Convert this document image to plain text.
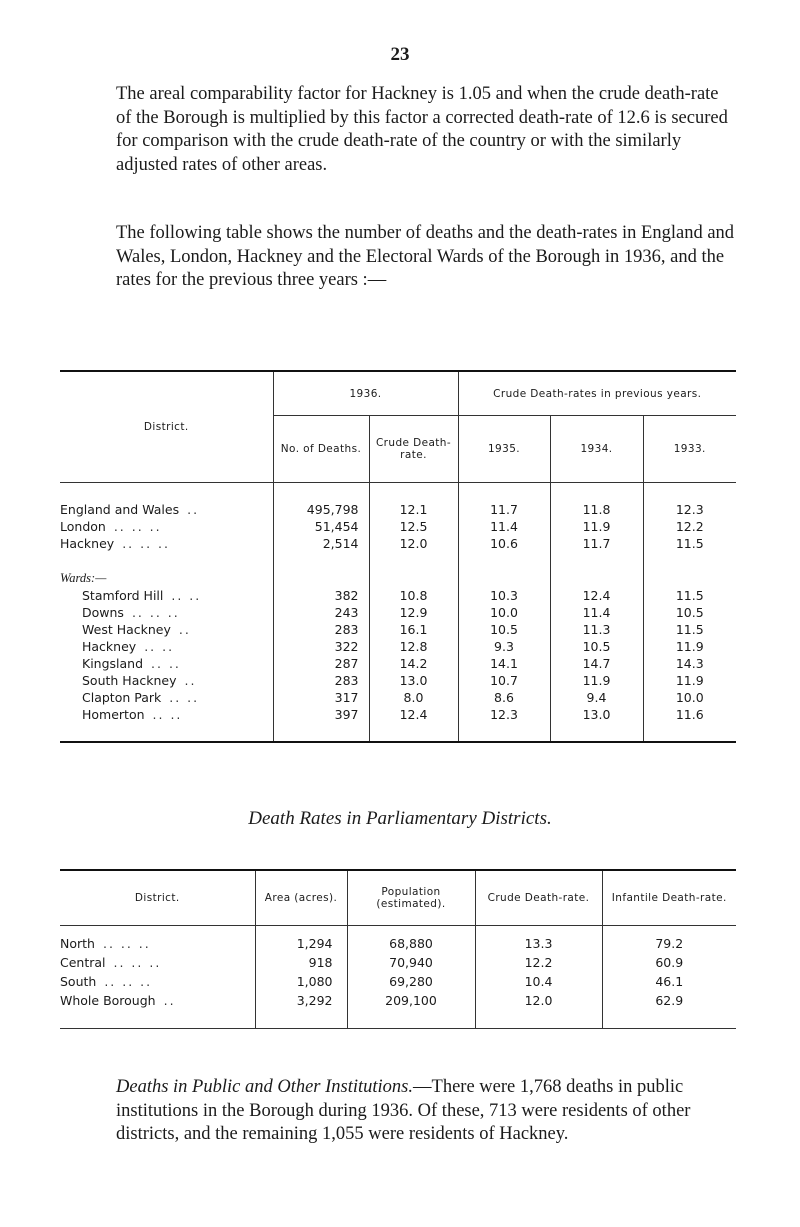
23

The areal comparability factor for Hackney is 1.05 and when the crude death-rate of the Borough is multiplied by this factor a corrected death-rate of 12.6 is secured for comparison with the crude death-rate of the country or with the similarly adjusted rates of other areas.

The following table shows the number of deaths and the death-rates in England and Wales, London, Hackney and the Electoral Wards of the Borough in 1936, and the rates for the previous three years :—

District.	1936.		Crude Death-rates in previous years.		
	No. of Deaths.	Crude Death-rate.	1935.	1934.	1933.

England and Wales ..	495,798	12.1	11.7	11.8	12.3
London .. .. ..	51,454	12.5	11.4	11.9	12.2
Hackney .. .. ..	2,514	12.0	10.6	11.7	11.5

Wards:—					
Stamford Hill .. ..	382	10.8	10.3	12.4	11.5
Downs .. .. ..	243	12.9	10.0	11.4	10.5
West Hackney ..	283	16.1	10.5	11.3	11.5
Hackney .. ..	322	12.8	9.3	10.5	11.9
Kingsland .. ..	287	14.2	14.1	14.7	14.3
South Hackney ..	283	13.0	10.7	11.9	11.9
Clapton Park .. ..	317	8.0	8.6	9.4	10.0
Homerton .. ..	397	12.4	12.3	13.0	11.6

Death Rates in Parliamentary Districts.
District.	Area (acres).	Population (estimated).	Crude Death-rate.	Infantile Death-rate.

North .. .. ..	1,294	68,880	13.3	79.2
Central .. .. ..	918	70,940	12.2	60.9
South .. .. ..	1,080	69,280	10.4	46.1
Whole Borough ..	3,292	209,100	12.0	62.9

Deaths in Public and Other Institutions.—There were 1,768 deaths in public institutions in the Borough during 1936. Of these, 713 were residents of other districts, and the remaining 1,055 were residents of Hackney.
